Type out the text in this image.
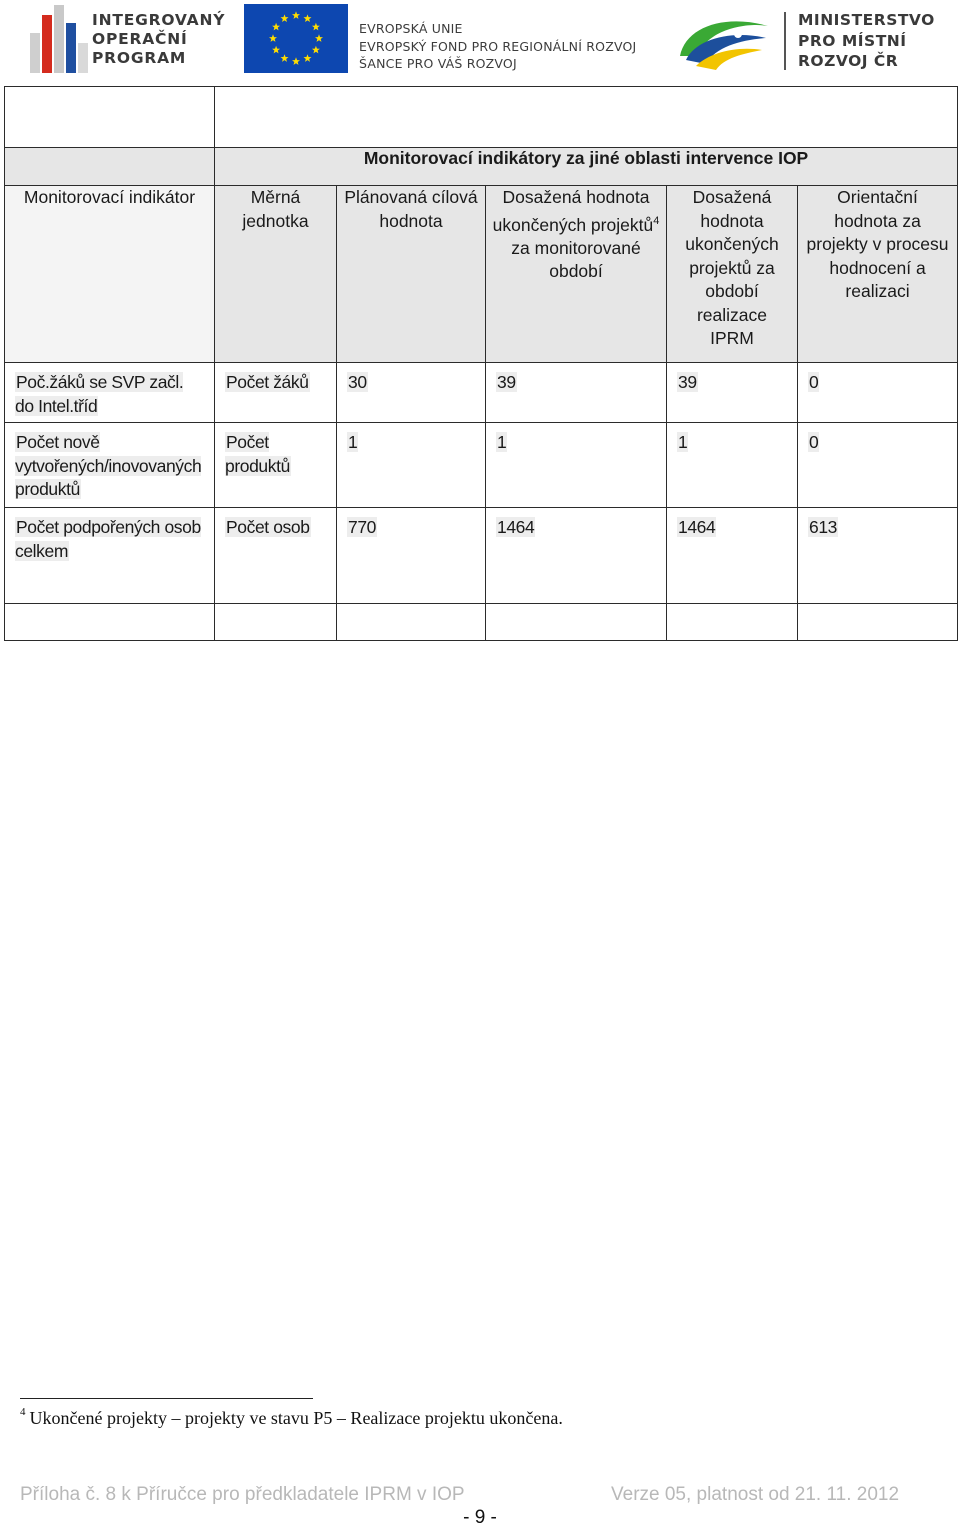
INTEGROVANÝ
OPERAČNÍ
PROGRAM
EVROPSKÁ UNIE
EVROPSKÝ FOND PRO REGIONÁLNÍ ROZVOJ
ŠANCE PRO VÁŠ ROZVOJ
MINISTERSTVO
PRO MÍSTNÍ
ROZVOJ ČR

	Monitorovací indikátory za jiné oblasti intervence IOP				
Monitorovací indikátor	Měrná jednotka	Plánovaná cílová hodnota	Dosažená hodnota ukončených projektů$^4$ za monitorované období	Dosažená hodnota ukončených projektů za období realizace IPRM	Orientační hodnota za projekty v procesu hodnocení a realizaci
Poč.žáků se SVP začl. do Intel.tříd	Počet žáků	30	39	39	0
Počet nově vytvořených/inovovaných produktů	Počet produktů	1	1	1	0
Počet podpořených osob celkem	Počet osob	770	1464	1464	613

$^4$ Ukončené projekty – projekty ve stavu P5 – Realizace projektu ukončena.
Příloha č. 8 k Příručce pro předkladatele IPRM v IOP	Verze 05, platnost od 21. 11. 2012
- 9 -
